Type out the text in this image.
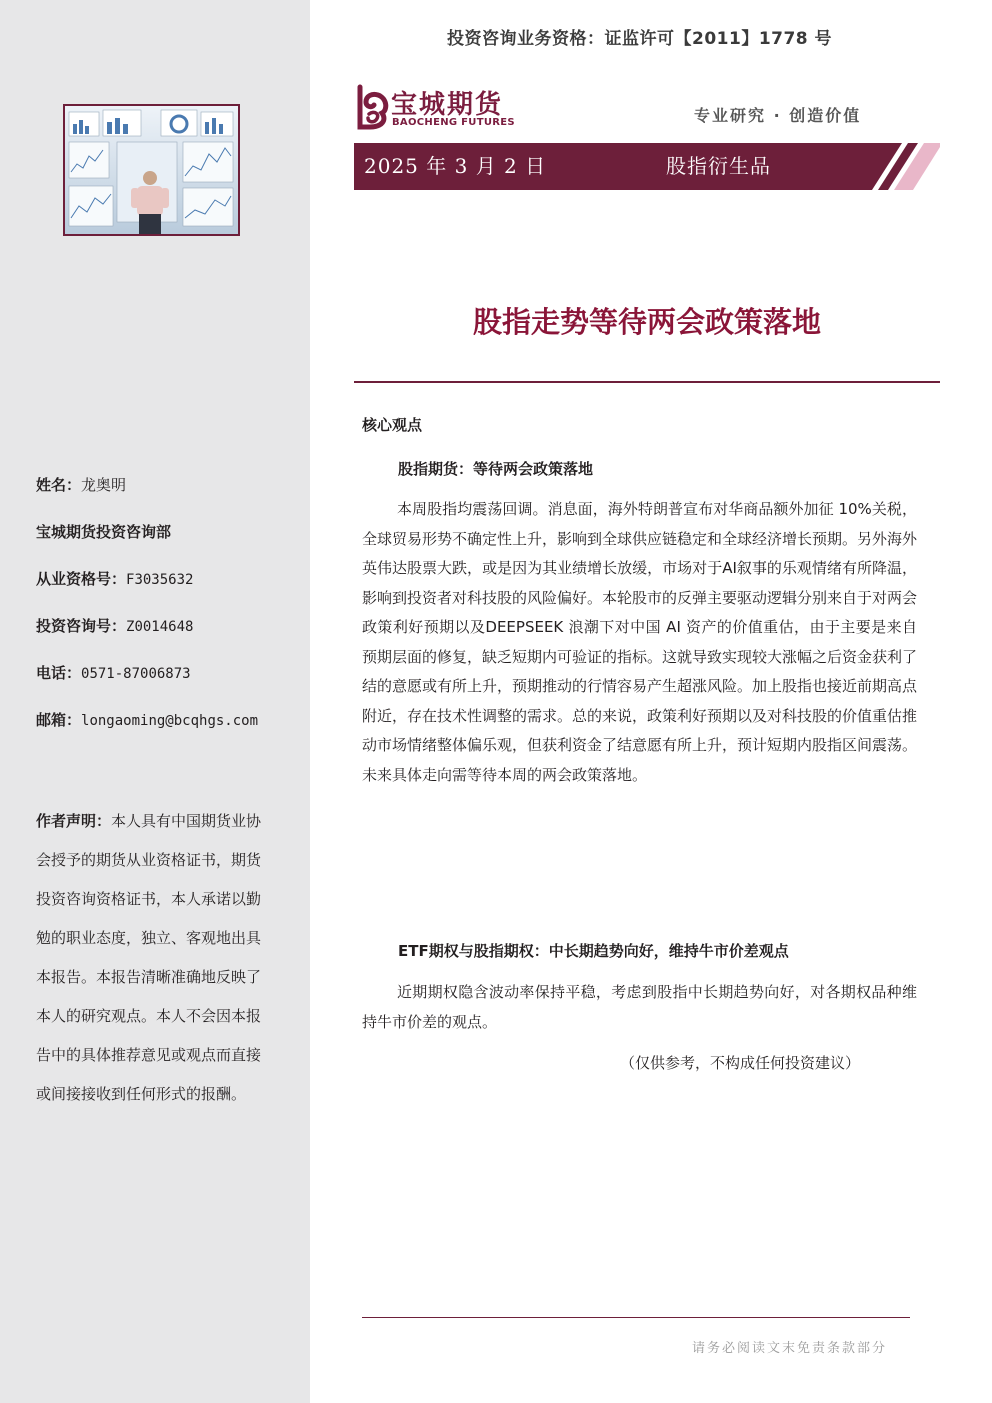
姓名：龙奥明
宝城期货投资咨询部
从业资格号：F3035632
投资咨询号：Z0014648
电话：0571-87006873
邮箱：longaoming@bcqhgs.com
作者声明：本人具有中国期货业协会授予的期货从业资格证书，期货投资咨询资格证书，本人承诺以勤勉的职业态度，独立、客观地出具本报告。本报告清晰准确地反映了本人的研究观点。本人不会因本报告中的具体推荐意见或观点而直接或间接接收到任何形式的报酬。
投资咨询业务资格：证监许可【2011】1778 号
宝城期货
BAOCHENG FUTURES	专业研究 · 创造价值
2025 年 3 月 2 日	股指衍生品
股指走势等待两会政策落地
核心观点
股指期货：等待两会政策落地
本周股指均震荡回调。消息面，海外特朗普宣布对华商品额外加征 10%关税，全球贸易形势不确定性上升，影响到全球供应链稳定和全球经济增长预期。另外海外英伟达股票大跌，或是因为其业绩增长放缓，市场对于AI叙事的乐观情绪有所降温，影响到投资者对科技股的风险偏好。本轮股市的反弹主要驱动逻辑分别来自于对两会政策利好预期以及DEEPSEEK 浪潮下对中国 AI 资产的价值重估，由于主要是来自预期层面的修复，缺乏短期内可验证的指标。这就导致实现较大涨幅之后资金获利了结的意愿或有所上升，预期推动的行情容易产生超涨风险。加上股指也接近前期高点附近，存在技术性调整的需求。总的来说，政策利好预期以及对科技股的价值重估推动市场情绪整体偏乐观，但获利资金了结意愿有所上升，预计短期内股指区间震荡。未来具体走向需等待本周的两会政策落地。
ETF期权与股指期权：中长期趋势向好，维持牛市价差观点
近期期权隐含波动率保持平稳，考虑到股指中长期趋势向好，对各期权品种维持牛市价差的观点。
（仅供参考，不构成任何投资建议）
请务必阅读文末免责条款部分
